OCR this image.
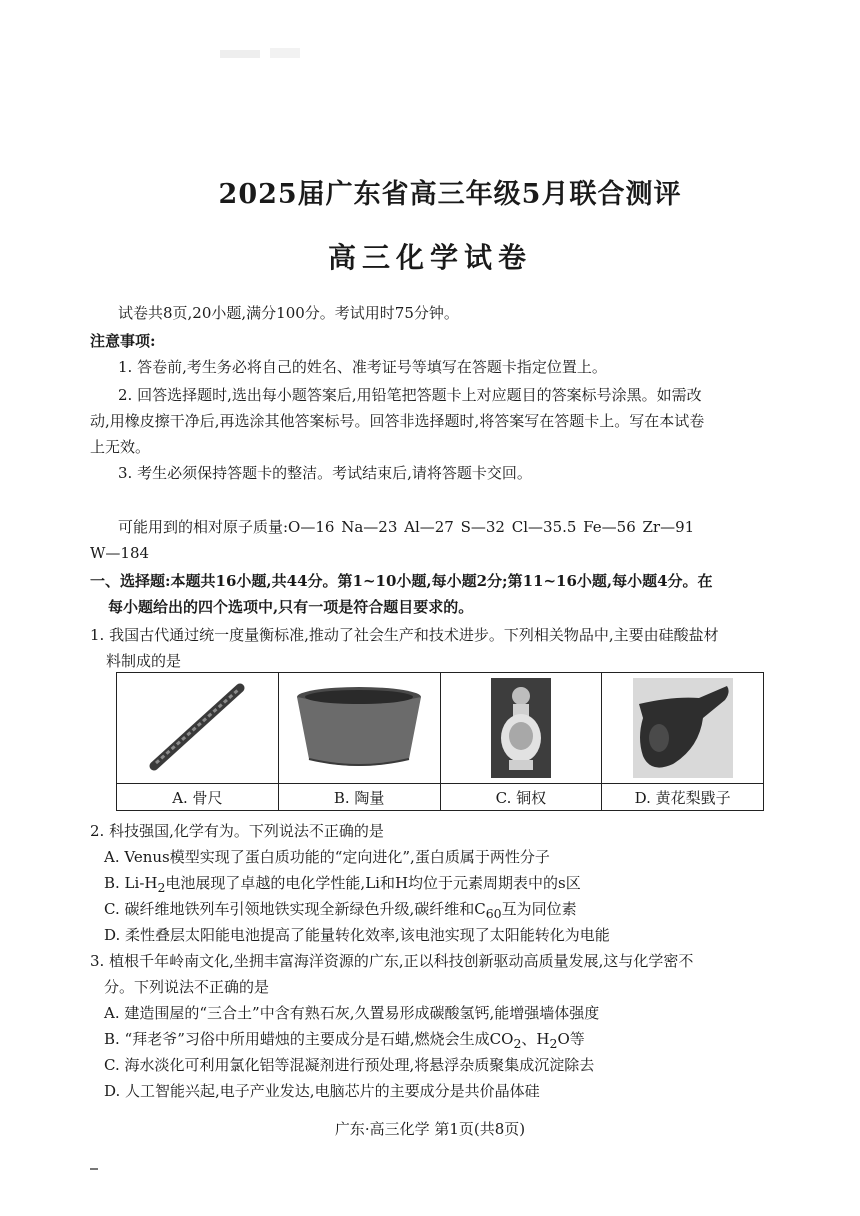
2025届广东省高三年级5月联合测评
高三化学试卷
试卷共8页,20小题,满分100分。考试用时75分钟。
注意事项:
1. 答卷前,考生务必将自己的姓名、准考证号等填写在答题卡指定位置上。
2. 回答选择题时,选出每小题答案后,用铅笔把答题卡上对应题目的答案标号涂黑。如需改
动,用橡皮擦干净后,再选涂其他答案标号。回答非选择题时,将答案写在答题卡上。写在本试卷
上无效。
3. 考生必须保持答题卡的整洁。考试结束后,请将答题卡交回。
可能用到的相对原子质量:O—16 Na—23 Al—27 S—32 Cl—35.5 Fe—56 Zr—91
W—184
一、选择题:本题共16小题,共44分。第1~10小题,每小题2分;第11~16小题,每小题4分。在
每小题给出的四个选项中,只有一项是符合题目要求的。
1. 我国古代通过统一度量衡标准,推动了社会生产和技术进步。下列相关物品中,主要由硅酸盐材
料制成的是

A. 骨尺	B. 陶量	C. 铜权	D. 黄花梨戥子
2. 科技强国,化学有为。下列说法不正确的是
A. Venus模型实现了蛋白质功能的“定向进化”,蛋白质属于两性分子
B. $Li-H_2$电池展现了卓越的电化学性能,Li和H均位于元素周期表中的s区
C. 碳纤维地铁列车引领地铁实现全新绿色升级,碳纤维和$C_{60}$互为同位素
D. 柔性叠层太阳能电池提高了能量转化效率,该电池实现了太阳能转化为电能
3. 植根千年岭南文化,坐拥丰富海洋资源的广东,正以科技创新驱动高质量发展,这与化学密不
分。下列说法不正确的是
A. 建造围屋的“三合土”中含有熟石灰,久置易形成碳酸氢钙,能增强墙体强度
B. “拜老爷”习俗中所用蜡烛的主要成分是石蜡,燃烧会生成$CO_2$、$H_2O$等
C. 海水淡化可利用氯化铝等混凝剂进行预处理,将悬浮杂质聚集成沉淀除去
D. 人工智能兴起,电子产业发达,电脑芯片的主要成分是共价晶体硅
广东·高三化学 第1页(共8页)
